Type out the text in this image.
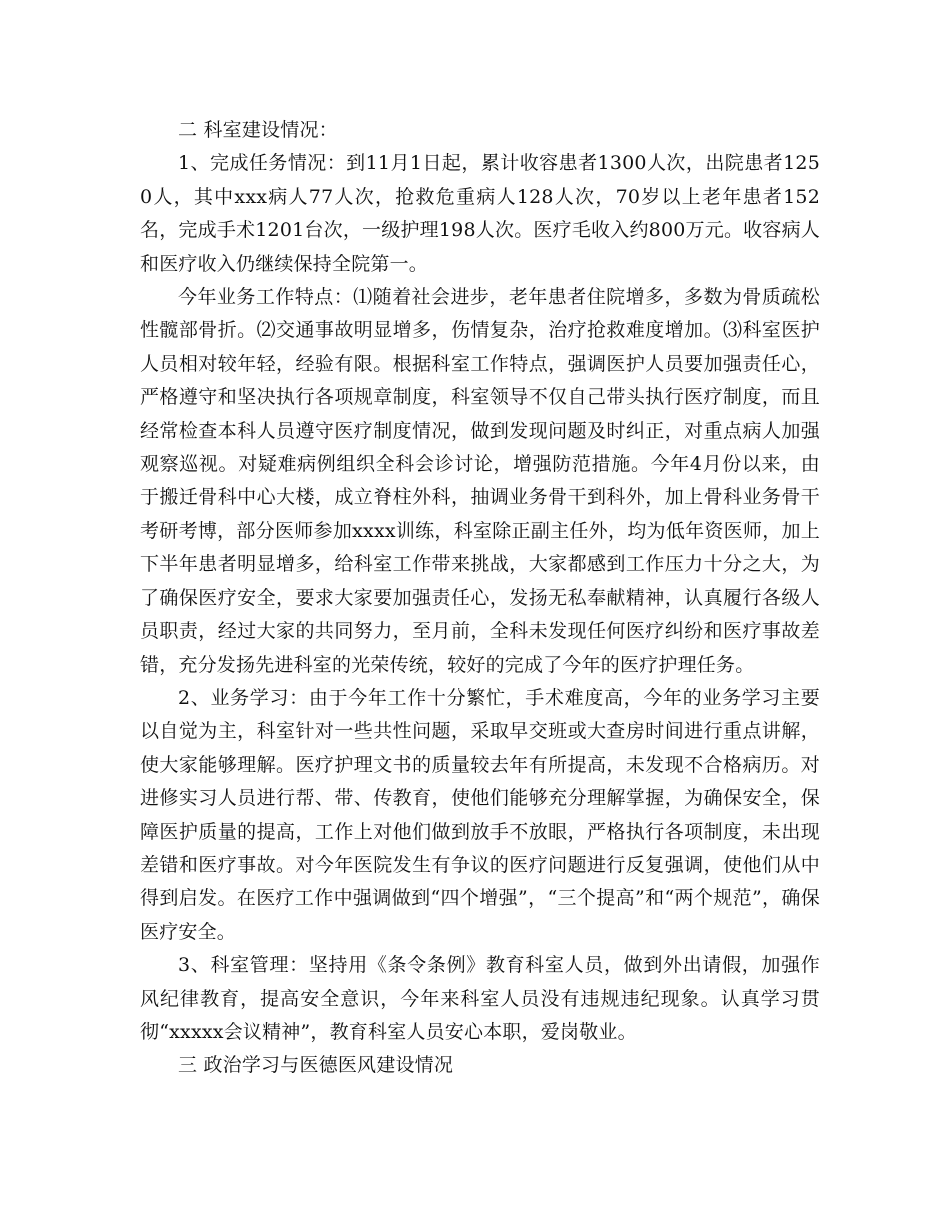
二 科室建设情况：

1、完成任务情况：到11月1日起，累计收容患者1300人次，出院患者1250人，其中xxx病人77人次，抢救危重病人128人次，70岁以上老年患者152名，完成手术1201台次，一级护理198人次。医疗毛收入约800万元。收容病人和医疗收入仍继续保持全院第一。

今年业务工作特点：⑴随着社会进步，老年患者住院增多，多数为骨质疏松性髋部骨折。⑵交通事故明显增多，伤情复杂，治疗抢救难度增加。⑶科室医护人员相对较年轻，经验有限。根据科室工作特点，强调医护人员要加强责任心，严格遵守和坚决执行各项规章制度，科室领导不仅自己带头执行医疗制度，而且经常检查本科人员遵守医疗制度情况，做到发现问题及时纠正，对重点病人加强观察巡视。对疑难病例组织全科会诊讨论，增强防范措施。今年4月份以来，由于搬迁骨科中心大楼，成立脊柱外科，抽调业务骨干到科外，加上骨科业务骨干考研考博，部分医师参加xxxx训练，科室除正副主任外，均为低年资医师，加上下半年患者明显增多，给科室工作带来挑战，大家都感到工作压力十分之大，为了确保医疗安全，要求大家要加强责任心，发扬无私奉献精神，认真履行各级人员职责，经过大家的共同努力，至月前，全科未发现任何医疗纠纷和医疗事故差错，充分发扬先进科室的光荣传统，较好的完成了今年的医疗护理任务。

2、业务学习：由于今年工作十分繁忙，手术难度高，今年的业务学习主要以自觉为主，科室针对一些共性问题，采取早交班或大查房时间进行重点讲解，使大家能够理解。医疗护理文书的质量较去年有所提高，未发现不合格病历。对进修实习人员进行帮、带、传教育，使他们能够充分理解掌握，为确保安全，保障医护质量的提高，工作上对他们做到放手不放眼，严格执行各项制度，未出现差错和医疗事故。对今年医院发生有争议的医疗问题进行反复强调，使他们从中得到启发。在医疗工作中强调做到“四个增强”，“三个提高”和“两个规范”，确保医疗安全。

3、科室管理：坚持用《条令条例》教育科室人员，做到外出请假，加强作风纪律教育，提高安全意识，今年来科室人员没有违规违纪现象。认真学习贯彻“xxxxx会议精神”，教育科室人员安心本职，爱岗敬业。

三 政治学习与医德医风建设情况
